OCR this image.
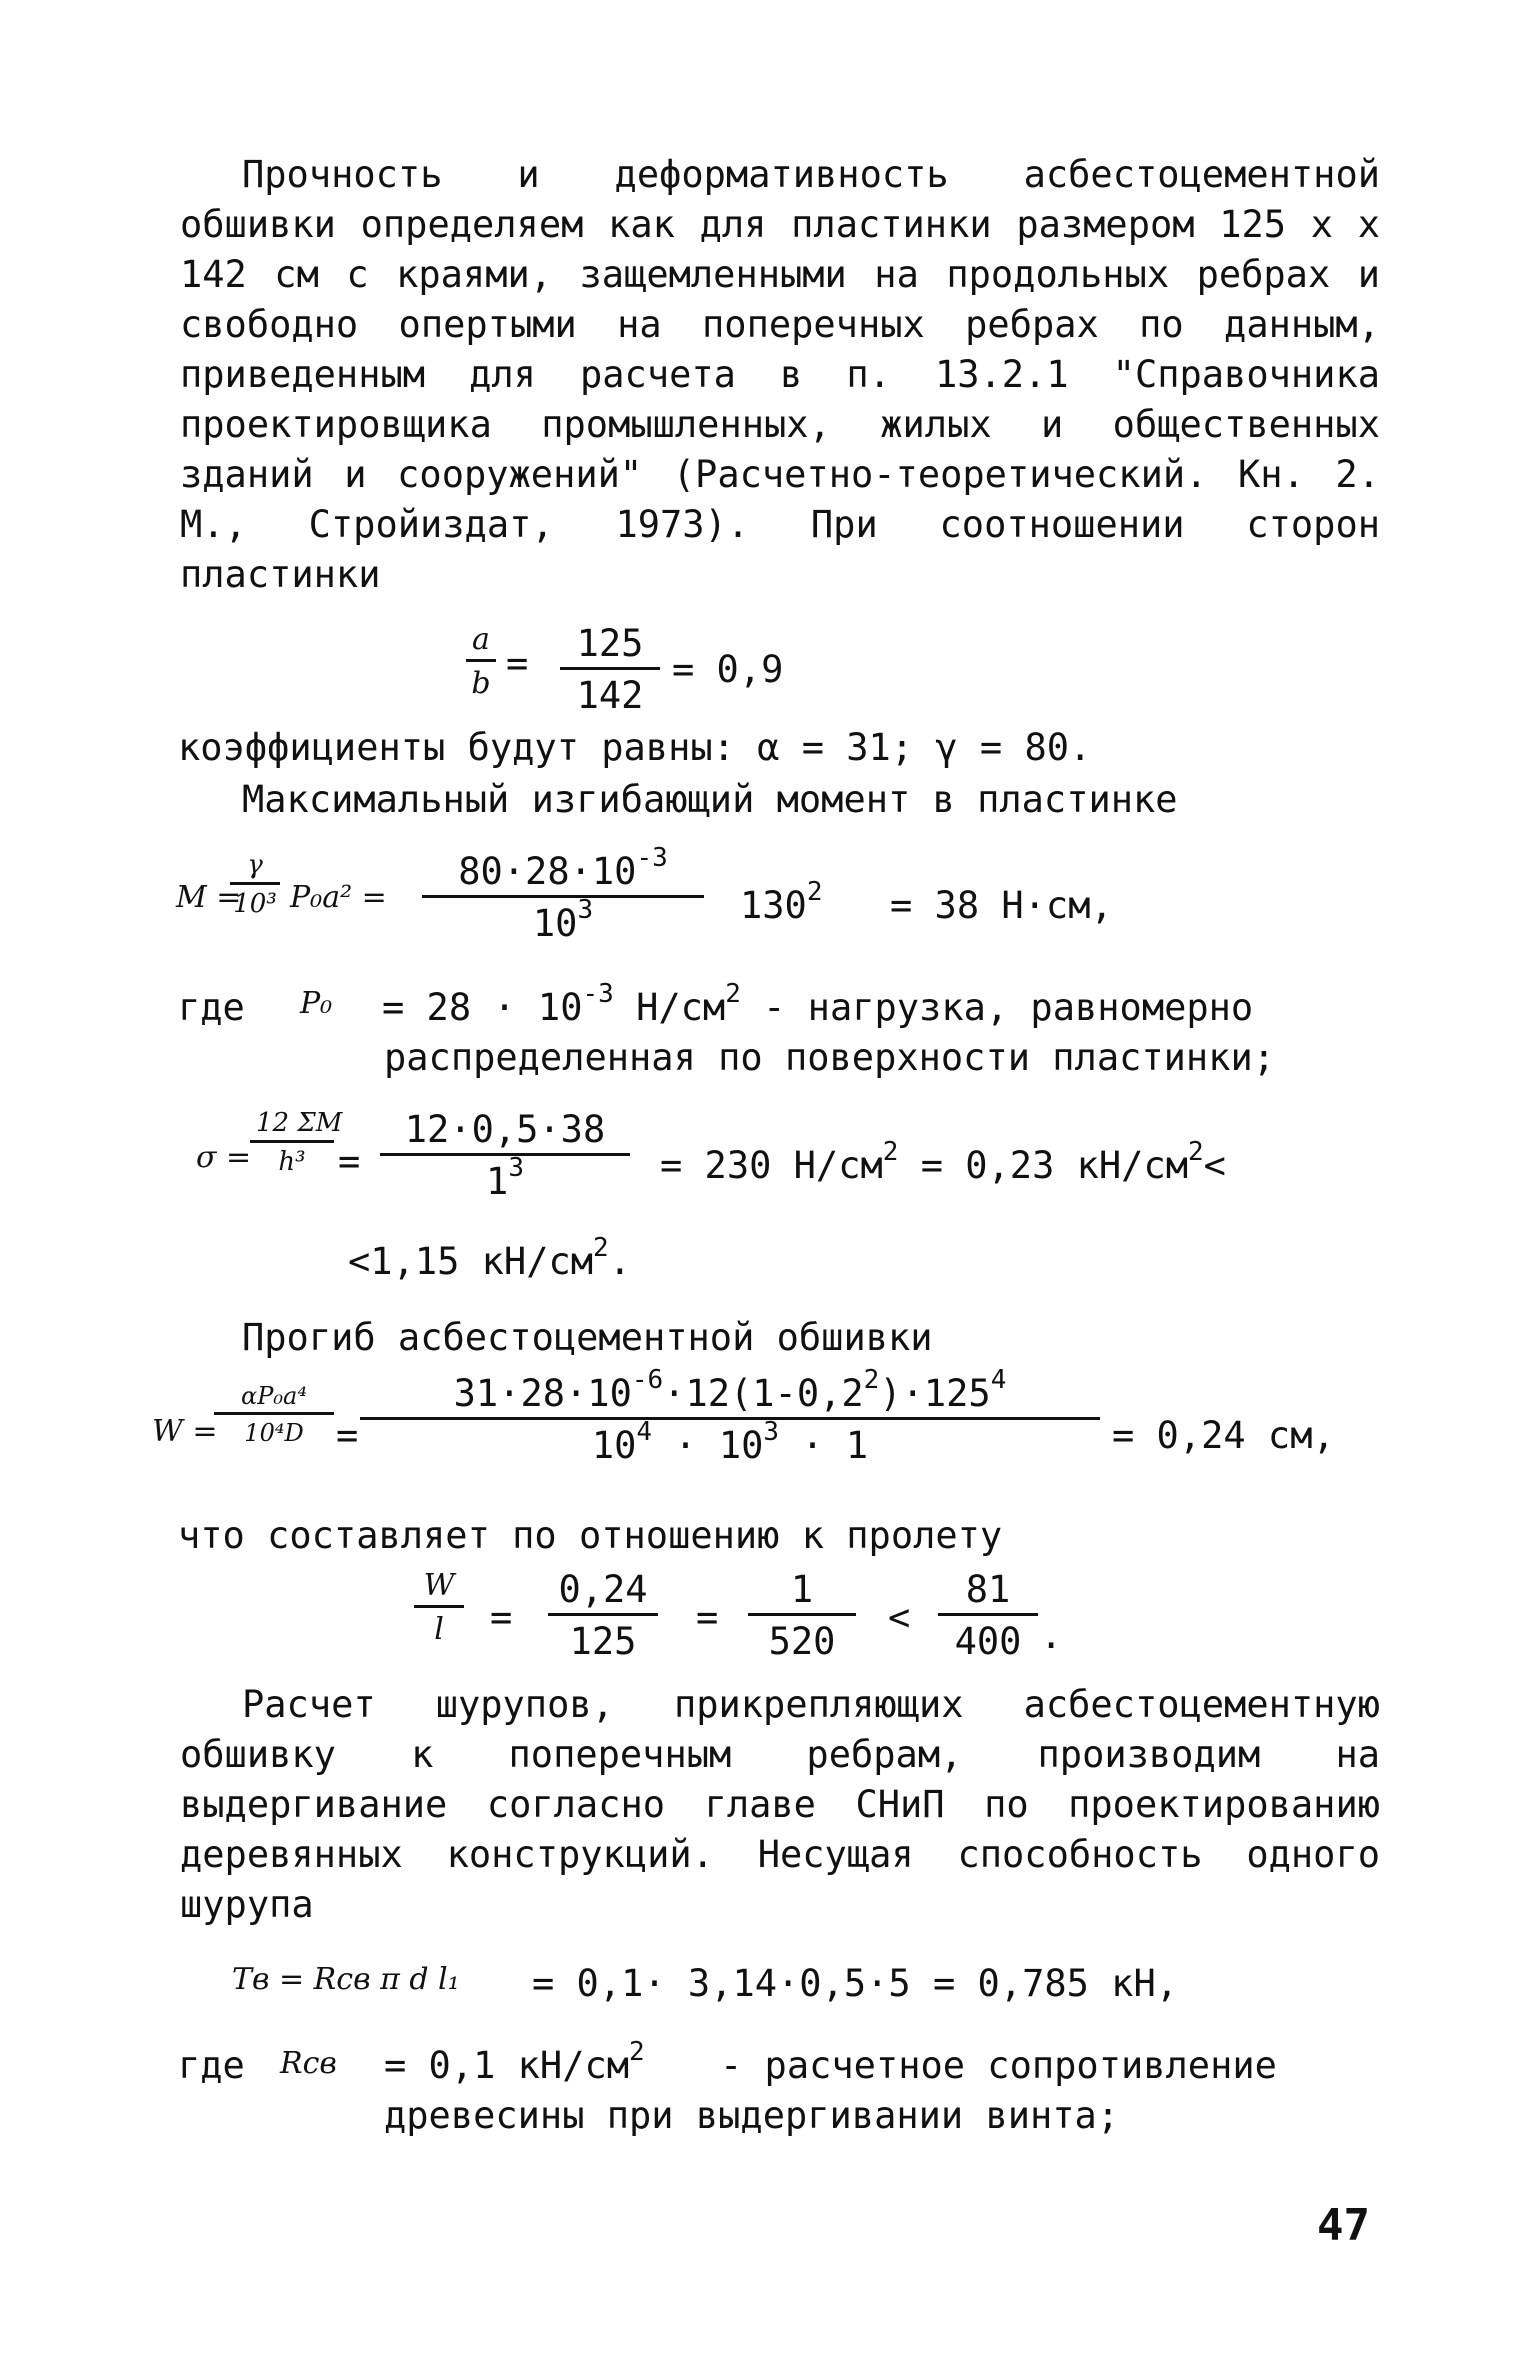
Прочность и деформативность асбестоцементной обшивки определяем как для пластинки размером 125 x x 142 см с краями, защемленными на продольных ребрах и свободно опертыми на поперечных ребрах по данным, приведенным для расчета в п. 13.2.1 "Справочника проектировщика промышленных, жилых и общественных зданий и сооружений" (Расчетно-теоретический. Кн. 2. М., Стройиздат, 1973). При соотношении сторон пластинки

$\frac{a}{b} = \frac{125}{142} = 0,9$
коэффициенты будут равны: α = 31; γ = 80.
Максимальный изгибающий момент в пластинке
M =
$\frac{\gamma}{\text{10³}} P_0a^2 = \frac{80\cdot 28\cdot 10^{-3}}{10^3} 130^2 = 38$ Н·см,
где $P_0 = 28 \cdot 10^{-3}$ $Н/см^2$ - нагрузка, равномерно
распределенная по поверхности пластинки;
σ =
$\frac{12 \Sigma M}{\text{h³}} = \frac{12\cdot 0,5\cdot 38}{1^3} = 230$ $Н/см^2 = 0,23$ $кН/см^2<$
<1,15 $кН/см^2$.
Прогиб асбестоцементной обшивки
W =
$\frac{\text{αP₀a⁴}}{\text{10⁴D}} = \frac{31\cdot 28\cdot 10^{-6}\cdot 12(1-0,2^2)\cdot 125^4}{10^4 \cdot 10^3 \cdot 1} = 0,24$ см,
что составляет по отношению к пролету
$\frac{W}{l} = \frac{0,24}{125} = \frac{1}{520} < \frac{81}{400}$ .

Расчет шурупов, прикрепляющих асбестоцементную обшивку к поперечным ребрам, производим на выдергивание согласно главе СНиП по проектированию деревянных конструкций. Несущая способность одного шурупа

Tв = Rсв π d l₁ = 0,1· 3,14·0,5·5 = 0,785 кН,
где Rсв = 0,1 $кН/см^2$ - расчетное сопротивление
древесины при выдергивании винта;
47
